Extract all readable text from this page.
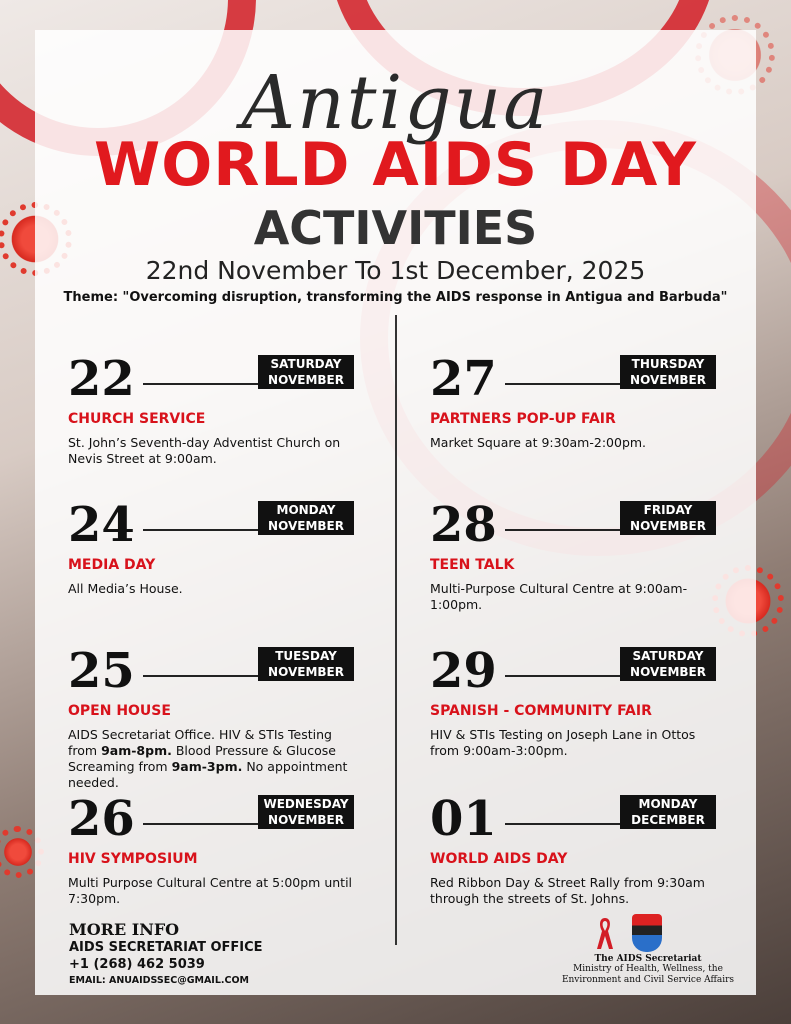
Antigua
WORLD AIDS DAY
ACTIVITIES
22nd November To 1st December, 2025
Theme: "Overcoming disruption, transforming the AIDS response in Antigua and Barbuda"
22	SATURDAY
NOVEMBER
CHURCH SERVICE
St. John’s Seventh-day Adventist Church on Nevis Street at 9:00am.
24	MONDAY
NOVEMBER
MEDIA DAY
All Media’s House.
25	TUESDAY
NOVEMBER
OPEN HOUSE
AIDS Secretariat Office. HIV & STIs Testing from 9am-8pm. Blood Pressure & Glucose Screaming from 9am-3pm. No appointment needed.
26	WEDNESDAY
NOVEMBER
HIV SYMPOSIUM
Multi Purpose Cultural Centre at 5:00pm until 7:30pm.
27	THURSDAY
NOVEMBER
PARTNERS POP-UP FAIR
Market Square at 9:30am-2:00pm.
28	FRIDAY
NOVEMBER
TEEN TALK
Multi-Purpose Cultural Centre at 9:00am-1:00pm.
29	SATURDAY
NOVEMBER
SPANISH - COMMUNITY FAIR
HIV & STIs Testing on Joseph Lane in Ottos from 9:00am-3:00pm.
01	MONDAY
DECEMBER
WORLD AIDS DAY
Red Ribbon Day & Street Rally from 9:30am through the streets of St. Johns.
MORE INFO
AIDS SECRETARIAT OFFICE
+1 (268) 462 5039
EMAIL: ANUAIDSSEC@GMAIL.COM
The AIDS Secretariat
Ministry of Health, Wellness, the
Environment and Civil Service Affairs
